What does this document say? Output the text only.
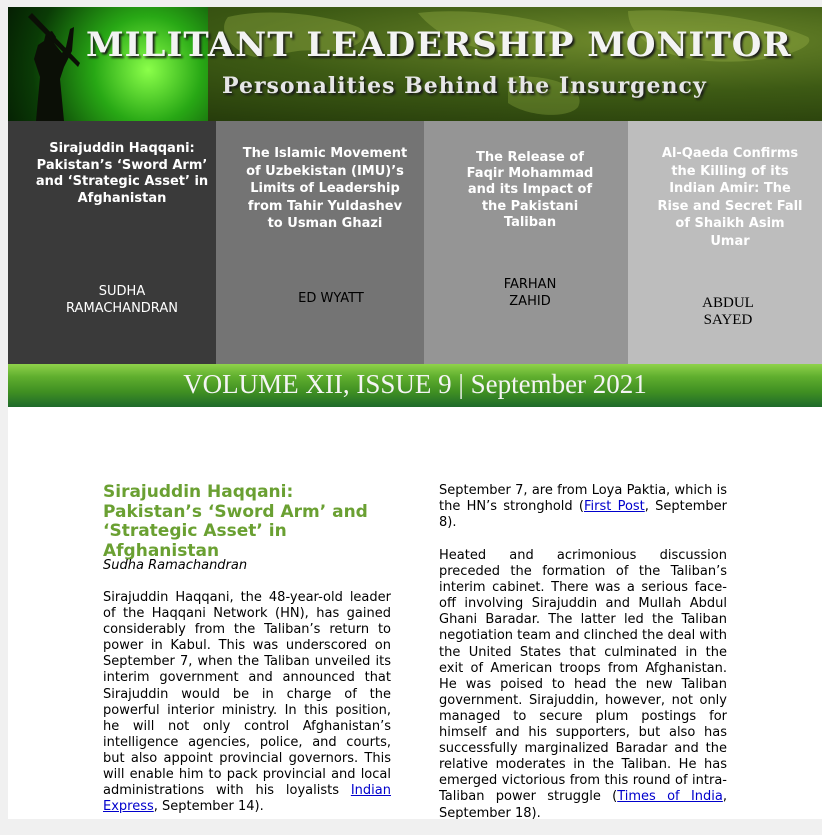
MILITANT LEADERSHIP MONITOR
Personalities Behind the Insurgency
Sirajuddin Haqqani: Pakistan’s ‘Sword Arm’ and ‘Strategic Asset’ in Afghanistan
SUDHA
RAMACHANDRAN
The Islamic Movement of Uzbekistan (IMU)’s Limits of Leadership from Tahir Yuldashev to Usman Ghazi
ED WYATT
The Release of Faqir Mohammad and its Impact of the Pakistani Taliban
FARHAN
ZAHID
Al-Qaeda Confirms the Killing of its Indian Amir: The Rise and Secret Fall of Shaikh Asim Umar
ABDUL
SAYED
VOLUME XII, ISSUE 9 | September 2021
Sirajuddin Haqqani: Pakistan’s ‘Sword Arm’ and ‘Strategic Asset’ in Afghanistan
Sudha Ramachandran

Sirajuddin Haqqani, the 48-year-old leader of the Haqqani Network (HN), has gained considerably from the Taliban’s return to power in Kabul. This was underscored on September 7, when the Taliban unveiled its interim government and announced that Sirajuddin would be in charge of the powerful interior ministry. In this position, he will not only control Afghanistan’s intelligence agencies, police, and courts, but also appoint provincial governors. This will enable him to pack provincial and local administrations with his loyalists Indian Express, September 14).

September 7, are from Loya Paktia, which is the HN’s stronghold (First Post, September 8).

Heated and acrimonious discussion preceded the formation of the Taliban’s interim cabinet. There was a serious face-off involving Sirajuddin and Mullah Abdul Ghani Baradar. The latter led the Taliban negotiation team and clinched the deal with the United States that culminated in the exit of American troops from Afghanistan. He was poised to head the new Taliban government. Sirajuddin, however, not only managed to secure plum postings for himself and his supporters, but also has successfully marginalized Baradar and the relative moderates in the Taliban. He has emerged victorious from this round of intra-Taliban power struggle (Times of India, September 18).
